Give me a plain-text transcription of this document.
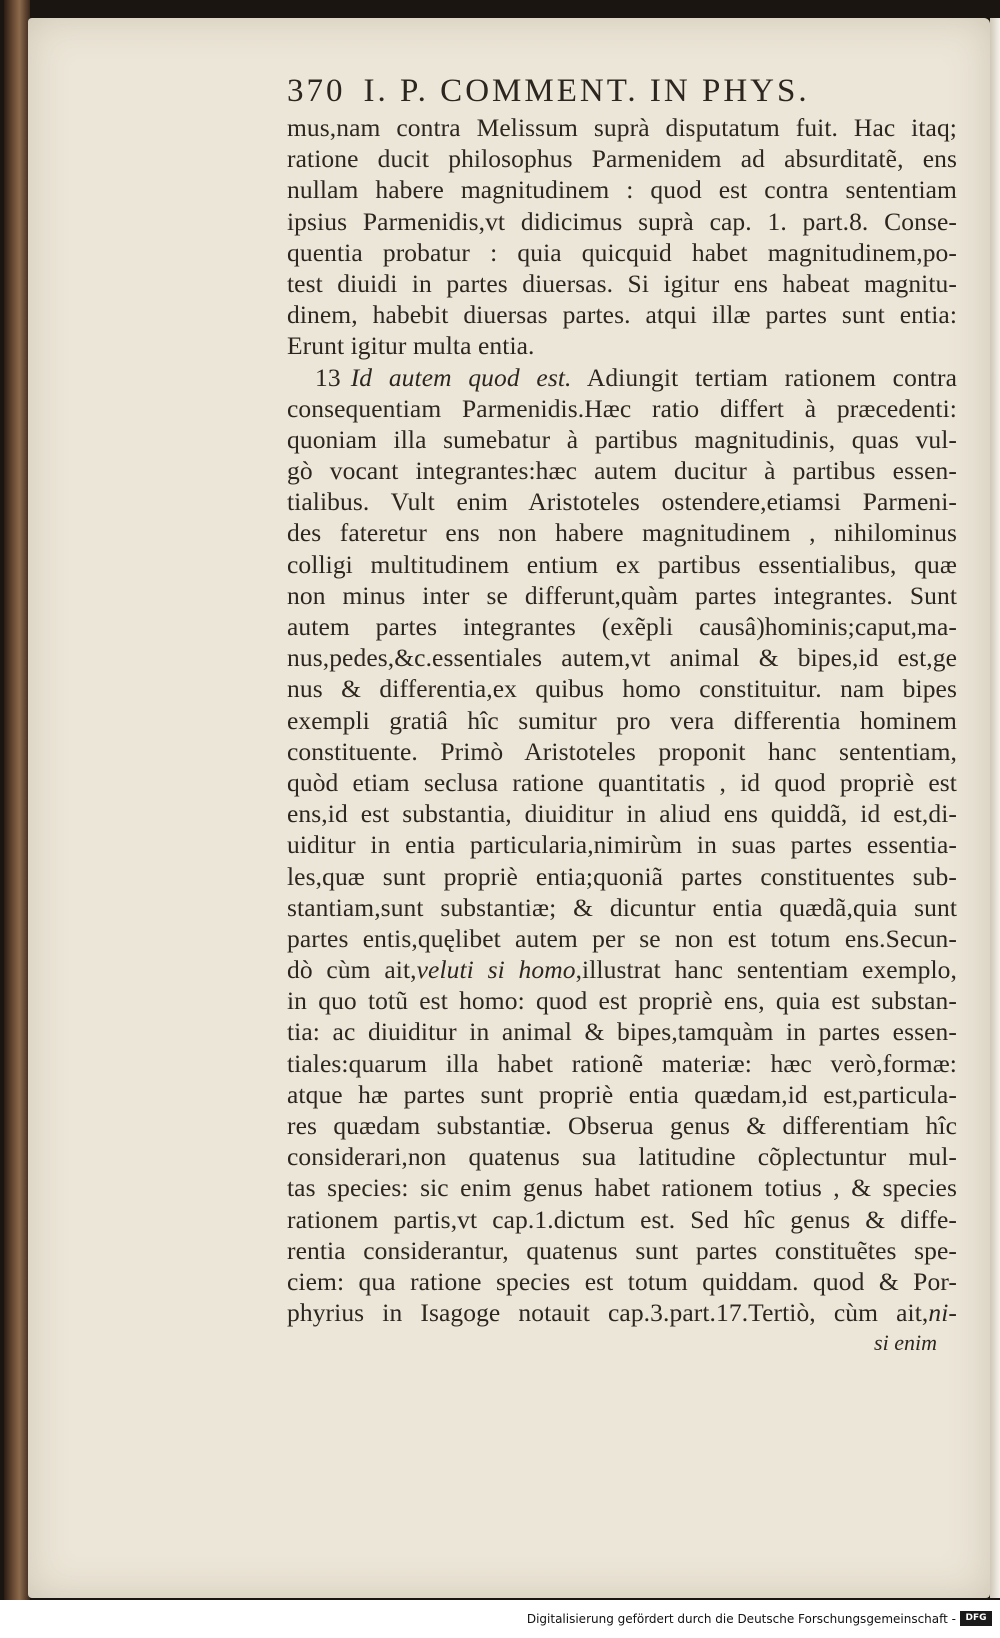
370 I. P. COMMENT. IN PHYS.
mus,nam contra Melissum suprà disputatum fuit. Hac itaq;
ratione ducit philosophus Parmenidem ad absurditatẽ, ens
nullam habere magnitudinem : quod est contra sententiam
ipsius Parmenidis,vt didicimus suprà cap. 1. part.8. Conse-
quentia probatur : quia quicquid habet magnitudinem,po-
test diuidi in partes diuersas. Si igitur ens habeat magnitu-
dinem, habebit diuersas partes. atqui illæ partes sunt entia:
Erunt igitur multa entia.
13 Id autem quod est. Adiungit tertiam rationem contra
consequentiam Parmenidis.Hæc ratio differt à præcedenti:
quoniam illa sumebatur à partibus magnitudinis, quas vul-
gò vocant integrantes:hæc autem ducitur à partibus essen-
tialibus. Vult enim Aristoteles ostendere,etiamsi Parmeni-
des fateretur ens non habere magnitudinem , nihilominus
colligi multitudinem entium ex partibus essentialibus, quæ
non minus inter se differunt,quàm partes integrantes. Sunt
autem partes integrantes (exẽpli causâ)hominis;caput,ma-
nus,pedes,&c.essentiales autem,vt animal & bipes,id est,ge
nus & differentia,ex quibus homo constituitur. nam bipes
exempli gratiâ hîc sumitur pro vera differentia hominem
constituente. Primò Aristoteles proponit hanc sententiam,
quòd etiam seclusa ratione quantitatis , id quod propriè est
ens,id est substantia, diuiditur in aliud ens quiddã, id est,di-
uiditur in entia particularia,nimirùm in suas partes essentia-
les,quæ sunt propriè entia;quoniã partes constituentes sub-
stantiam,sunt substantiæ; & dicuntur entia quædã,quia sunt
partes entis,quęlibet autem per se non est totum ens.Secun-
dò cùm ait,veluti si homo,illustrat hanc sententiam exemplo,
in quo totũ est homo: quod est propriè ens, quia est substan-
tia: ac diuiditur in animal & bipes,tamquàm in partes essen-
tiales:quarum illa habet rationẽ materiæ: hæc verò,formæ:
atque hæ partes sunt propriè entia quædam,id est,particula-
res quædam substantiæ. Obserua genus & differentiam hîc
considerari,non quatenus sua latitudine cõplectuntur mul-
tas species: sic enim genus habet rationem totius , & species
rationem partis,vt cap.1.dictum est. Sed hîc genus & diffe-
rentia considerantur, quatenus sunt partes constituẽtes spe-
ciem: qua ratione species est totum quiddam. quod & Por-
phyrius in Isagoge notauit cap.3.part.17.Tertiò, cùm ait,ni-
si enim
Digitalisierung gefördert durch die Deutsche Forschungsgemeinschaft -	DFG
